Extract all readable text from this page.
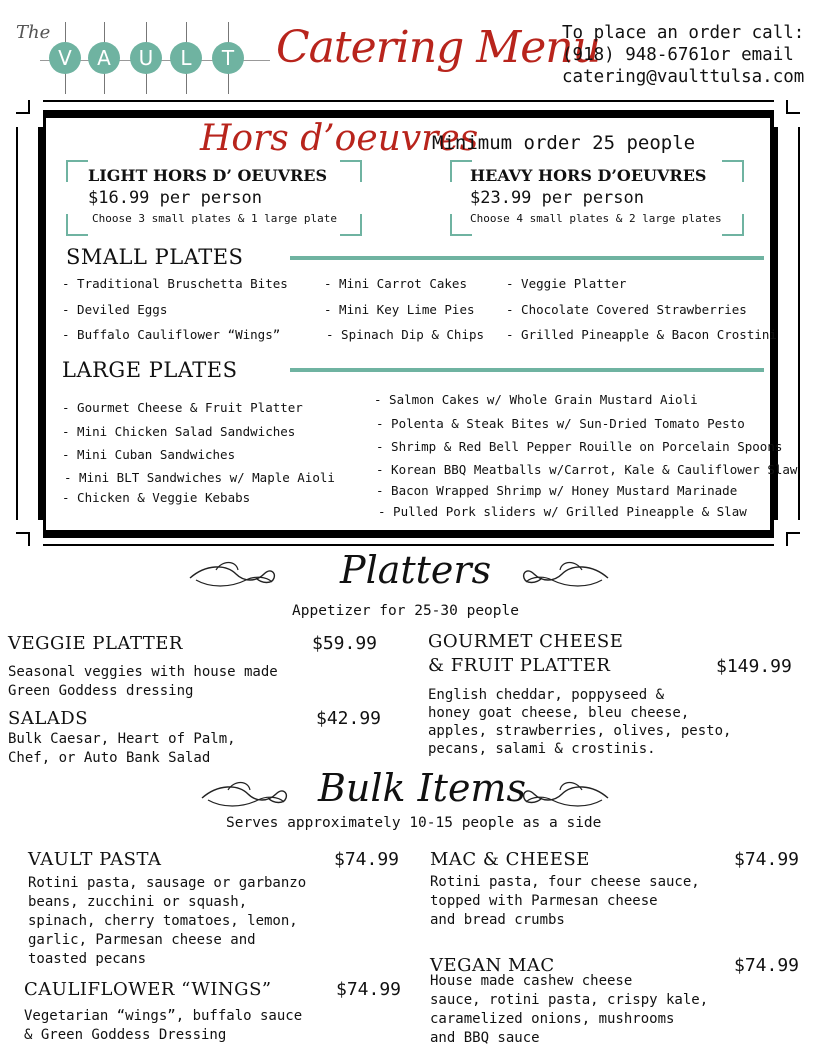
The
V	A	U	L	T Catering Menu
To place an order call:
(918) 948-6761or email
catering@vaulttulsa.com
Hors d’oeuvres
Minimum order 25 people
LIGHT HORS D’ OEUVRES
$16.99 per person
Choose 3 small plates & 1 large plate
HEAVY HORS D’OEUVRES
$23.99 per person
Choose 4 small plates & 2 large plates
SMALL PLATES
- Traditional Bruschetta Bites
- Deviled Eggs
- Buffalo Cauliflower “Wings”
- Mini Carrot Cakes
- Mini Key Lime Pies
- Spinach Dip & Chips
- Veggie Platter
- Chocolate Covered Strawberries
- Grilled Pineapple & Bacon Crostini
LARGE PLATES
- Gourmet Cheese & Fruit Platter
- Mini Chicken Salad Sandwiches
- Mini Cuban Sandwiches
- Mini BLT Sandwiches w/ Maple Aioli
- Chicken & Veggie Kebabs
- Salmon Cakes w/ Whole Grain Mustard Aioli
- Polenta & Steak Bites w/ Sun-Dried Tomato Pesto
- Shrimp & Red Bell Pepper Rouille on Porcelain Spoons
- Korean BBQ Meatballs w/Carrot, Kale & Cauliflower Slaw
- Bacon Wrapped Shrimp w/ Honey Mustard Marinade
- Pulled Pork sliders w/ Grilled Pineapple & Slaw
Platters
Appetizer for 25-30 people
VEGGIE PLATTER	$59.99
Seasonal veggies with house made
Green Goddess dressing
SALADS	$42.99
Bulk Caesar, Heart of Palm,
Chef, or Auto Bank Salad
GOURMET CHEESE
& FRUIT PLATTER	$149.99
English cheddar, poppyseed &
honey goat cheese, bleu cheese,
apples, strawberries, olives, pesto,
pecans, salami & crostinis.
Bulk Items
Serves approximately 10-15 people as a side
VAULT PASTA	$74.99
Rotini pasta, sausage or garbanzo
beans, zucchini or squash,
spinach, cherry tomatoes, lemon,
garlic, Parmesan cheese and
toasted pecans
CAULIFLOWER “WINGS”	$74.99
Vegetarian “wings”, buffalo sauce
& Green Goddess Dressing
MAC & CHEESE	$74.99
Rotini pasta, four cheese sauce,
topped with Parmesan cheese
and bread crumbs
VEGAN MAC	$74.99
House made cashew cheese
sauce, rotini pasta, crispy kale,
caramelized onions, mushrooms
and BBQ sauce
